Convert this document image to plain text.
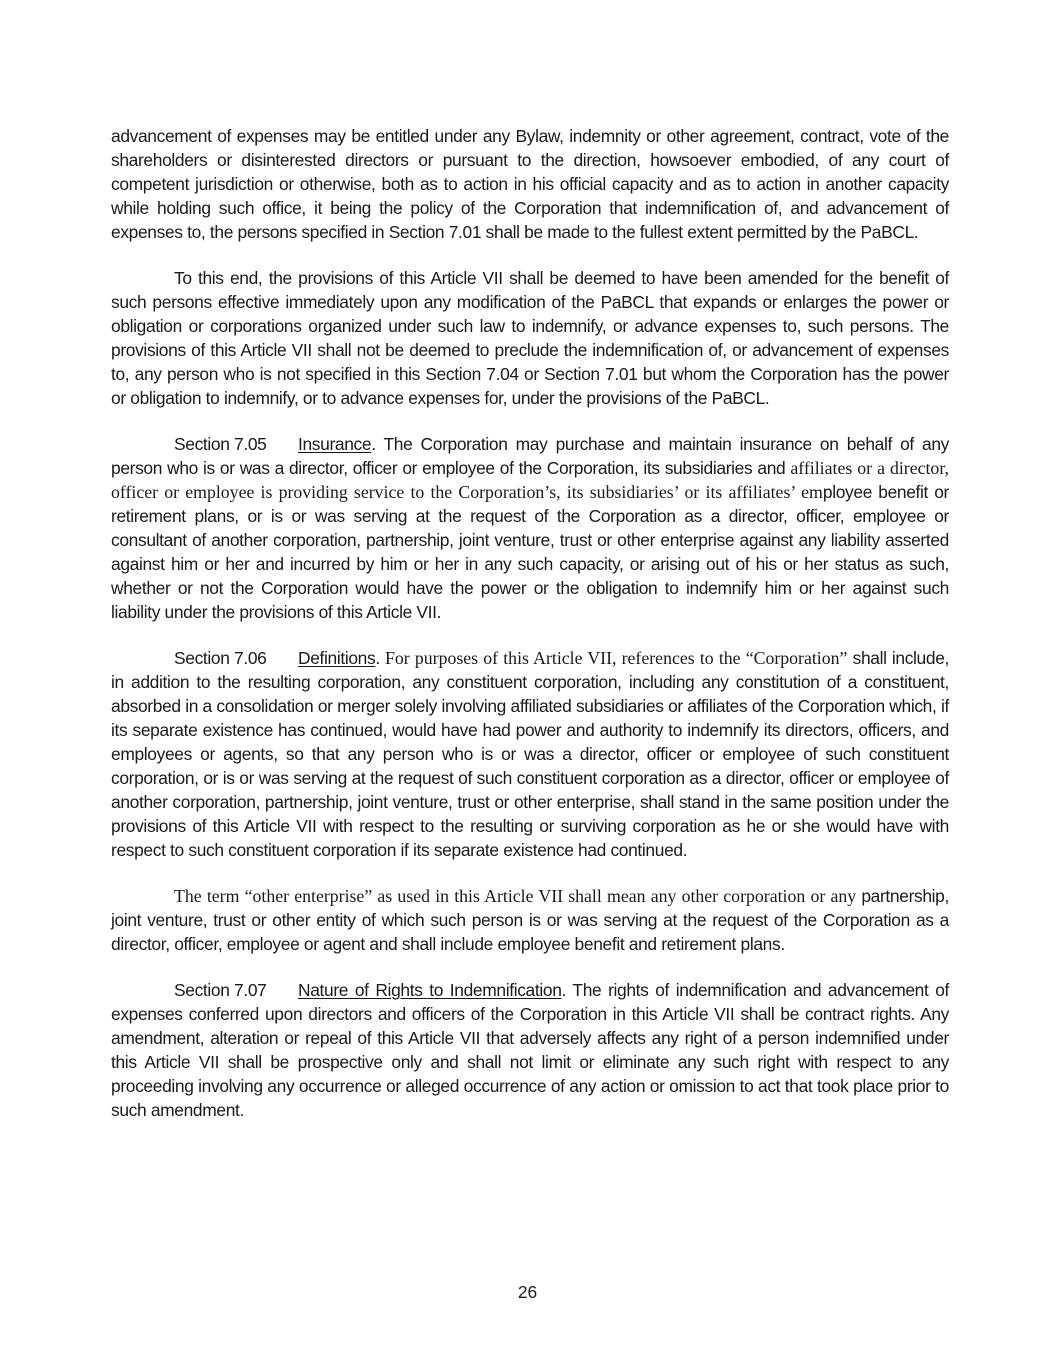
advancement of expenses may be entitled under any Bylaw, indemnity or other agreement, contract, vote of the shareholders or disinterested directors or pursuant to the direction, howsoever embodied, of any court of competent jurisdiction or otherwise, both as to action in his official capacity and as to action in another capacity while holding such office, it being the policy of the Corporation that indemnification of, and advancement of expenses to, the persons specified in Section 7.01 shall be made to the fullest extent permitted by the PaBCL.

To this end, the provisions of this Article VII shall be deemed to have been amended for the benefit of such persons effective immediately upon any modification of the PaBCL that expands or enlarges the power or obligation or corporations organized under such law to indemnify, or advance expenses to, such persons. The provisions of this Article VII shall not be deemed to preclude the indemnification of, or advancement of expenses to, any person who is not specified in this Section 7.04 or Section 7.01 but whom the Corporation has the power or obligation to indemnify, or to advance expenses for, under the provisions of the PaBCL.

Section 7.05 Insurance. The Corporation may purchase and maintain insurance on behalf of any person who is or was a director, officer or employee of the Corporation, its subsidiaries and affiliates or a director, officer or employee is providing service to the Corporation’s, its subsidiaries’ or its affiliates’ employee benefit or retirement plans, or is or was serving at the request of the Corporation as a director, officer, employee or consultant of another corporation, partnership, joint venture, trust or other enterprise against any liability asserted against him or her and incurred by him or her in any such capacity, or arising out of his or her status as such, whether or not the Corporation would have the power or the obligation to indemnify him or her against such liability under the provisions of this Article VII.

Section 7.06 Definitions. For purposes of this Article VII, references to the “Corporation” shall include, in addition to the resulting corporation, any constituent corporation, including any constitution of a constituent, absorbed in a consolidation or merger solely involving affiliated subsidiaries or affiliates of the Corporation which, if its separate existence has continued, would have had power and authority to indemnify its directors, officers, and employees or agents, so that any person who is or was a director, officer or employee of such constituent corporation, or is or was serving at the request of such constituent corporation as a director, officer or employee of another corporation, partnership, joint venture, trust or other enterprise, shall stand in the same position under the provisions of this Article VII with respect to the resulting or surviving corporation as he or she would have with respect to such constituent corporation if its separate existence had continued.

The term “other enterprise” as used in this Article VII shall mean any other corporation or any partnership, joint venture, trust or other entity of which such person is or was serving at the request of the Corporation as a director, officer, employee or agent and shall include employee benefit and retirement plans.

Section 7.07 Nature of Rights to Indemnification. The rights of indemnification and advancement of expenses conferred upon directors and officers of the Corporation in this Article VII shall be contract rights. Any amendment, alteration or repeal of this Article VII that adversely affects any right of a person indemnified under this Article VII shall be prospective only and shall not limit or eliminate any such right with respect to any proceeding involving any occurrence or alleged occurrence of any action or omission to act that took place prior to such amendment.

26
